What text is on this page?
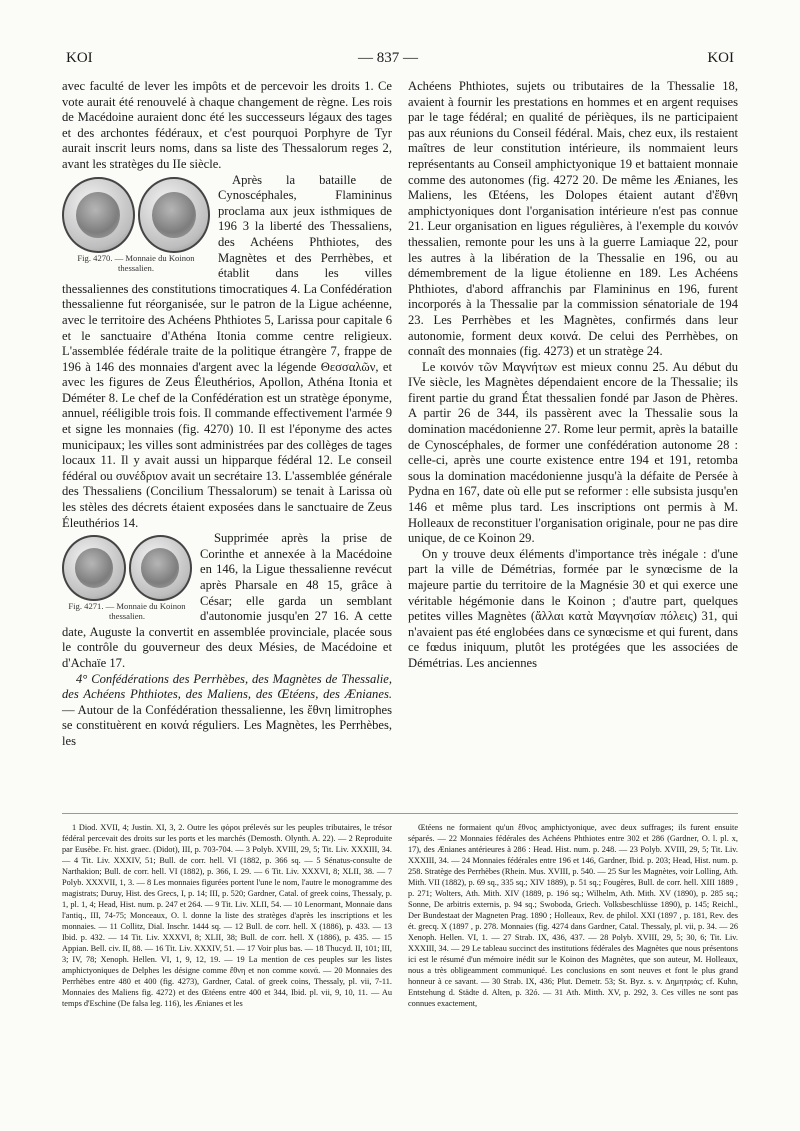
KOI	— 837 —	KOI

avec faculté de lever les impôts et de percevoir les droits 1. Ce vote aurait été renouvelé à chaque changement de règne. Les rois de Macédoine auraient donc été les successeurs légaux des tages et des archontes fédéraux, et c'est pourquoi Porphyre de Tyr aurait inscrit leurs noms, dans sa liste des Thessalorum reges 2, avant les stratèges du IIe siècle.

Fig. 4270. — Monnaie du Koinon thessalien.

Après la bataille de Cynoscéphales, Flamininus proclama aux jeux isthmiques de 196 3 la liberté des Thessaliens, des Achéens Phthiotes, des Magnètes et des Perrhèbes, et établit dans les villes thessaliennes des constitutions timocratiques 4. La Confédération thessalienne fut réorganisée, sur le patron de la Ligue achéenne, avec le territoire des Achéens Phthiotes 5, Larissa pour capitale 6 et le sanctuaire d'Athéna Itonia comme centre religieux. L'assemblée fédérale traite de la politique étrangère 7, frappe de 196 à 146 des monnaies d'argent avec la légende Θεσσαλῶν, et avec les figures de Zeus Éleuthérios, Apollon, Athéna Itonia et Déméter 8. Le chef de la Confédération est un stratège éponyme, annuel, rééligible trois fois. Il commande effectivement l'armée 9 et signe les monnaies (fig. 4270) 10. Il est l'éponyme des actes municipaux; les villes sont administrées par des collèges de tages locaux 11. Il y avait aussi un hipparque fédéral 12. Le conseil fédéral ou συνέδριον avait un secrétaire 13. L'assemblée générale des Thessaliens (Concilium Thessalorum) se tenait à Larissa où les stèles des décrets étaient exposées dans le sanctuaire de Zeus Éleuthérios 14.

Fig. 4271. — Monnaie du Koinon thessalien.

Supprimée après la prise de Corinthe et annexée à la Macédoine en 146, la Ligue thessalienne revécut après Pharsale en 48 15, grâce à César; elle garda un semblant d'autonomie jusqu'en 27 16. A cette date, Auguste la convertit en assemblée provinciale, placée sous le contrôle du gouverneur des deux Mésies, de Macédoine et d'Achaïe 17.

4° Confédérations des Perrhèbes, des Magnètes de Thessalie, des Achéens Phthiotes, des Maliens, des Œtéens, des Ænianes. — Autour de la Confédération thessalienne, les ἔθνη limitrophes se constituèrent en κοινά réguliers. Les Magnètes, les Perrhèbes, les

Achéens Phthiotes, sujets ou tributaires de la Thessalie 18, avaient à fournir les prestations en hommes et en argent requises par le tage fédéral; en qualité de périèques, ils ne participaient pas aux réunions du Conseil fédéral. Mais, chez eux, ils restaient maîtres de leur constitution intérieure, ils nommaient leurs représentants au Conseil amphictyonique 19 et battaient monnaie comme des autonomes (fig. 4272 20. De même les Ænianes, les Maliens, les Œtéens, les Dolopes étaient autant d'ἔθνη amphictyoniques dont l'organisation intérieure n'est pas connue 21. Leur organisation en ligues régulières, à l'exemple du κοινόν thessalien, remonte pour les uns à la guerre Lamiaque 22, pour les autres à la libération de la Thessalie en 196, ou au démembrement de la ligue étolienne en 189. Les Achéens Phthiotes, d'abord affranchis par Flamininus en 196, furent incorporés à la Thessalie par la commission sénatoriale de 194 23. Les Perrhèbes et les Magnètes, confirmés dans leur autonomie, forment deux κοινά. De celui des Perrhèbes, on connaît des monnaies (fig. 4273) et un stratège 24.

Le κοινόν τῶν Μαγνήτων est mieux connu 25. Au début du IVe siècle, les Magnètes dépendaient encore de la Thessalie; ils firent partie du grand État thessalien fondé par Jason de Phères. A partir 26 de 344, ils passèrent avec la Thessalie sous la domination macédonienne 27. Rome leur permit, après la bataille de Cynoscéphales, de former une confédération autonome 28 : celle-ci, après une courte existence entre 194 et 191, retomba sous la domination macédonienne jusqu'à la défaite de Persée à Pydna en 167, date où elle put se reformer : elle subsista jusqu'en 146 et même plus tard. Les inscriptions ont permis à M. Holleaux de reconstituer l'organisation originale, pour ne pas dire unique, de ce Koinon 29.

On y trouve deux éléments d'importance très inégale : d'une part la ville de Démétrias, formée par le synœcisme de la majeure partie du territoire de la Magnésie 30 et qui exerce une véritable hégémonie dans le Koinon ; d'autre part, quelques petites villes Magnètes (ἄλλαι κατὰ Μαγνησίαν πόλεις) 31, qui n'avaient pas été englobées dans ce synœcisme et qui furent, dans ce fœdus iniquum, plutôt les protégées que les associées de Démétrias. Les anciennes

1 Diod. XVII, 4; Justin. XI, 3, 2. Outre les φόροι prélevés sur les peuples tributaires, le trésor fédéral percevait des droits sur les ports et les marchés (Demosth. Olynth. A. 22). — 2 Reproduite par Eusèbe. Fr. hist. graec. (Didot), III, p. 703-704. — 3 Polyb. XVIII, 29, 5; Tit. Liv. XXXIII, 34. — 4 Tit. Liv. XXXIV, 51; Bull. de corr. hell. VI (1882, p. 366 sq. — 5 Sénatus-consulte de Narthakion; Bull. de corr. hell. VI (1882), p. 366, I. 29. — 6 Tit. Liv. XXXVI, 8; XLII, 38. — 7 Polyb. XXXVII, 1, 3. — 8 Les monnaies figurées portent l'une le nom, l'autre le monogramme des magistrats; Duruy, Hist. des Grecs, I, p. 14; III, p. 520; Gardner, Catal. of greek coins, Thessaly, p. 1, pl. 1, 4; Head, Hist. num. p. 247 et 264. — 9 Tit. Liv. XLII, 54. — 10 Lenormant, Monnaie dans l'antiq., III, 74-75; Monceaux, O. l. donne la liste des stratèges d'après les inscriptions et les monnaies. — 11 Collitz, Dial. Inschr. 1444 sq. — 12 Bull. de corr. hell. X (1886), p. 433. — 13 Ibid. p. 432. — 14 Tit. Liv. XXXVI, 8; XLII, 38; Bull. de corr. hell. X (1886), p. 435. — 15 Appian. Bell. civ. II, 88. — 16 Tit. Liv. XXXIV, 51. — 17 Voir plus bas. — 18 Thucyd. II, 101; III, 3; IV, 78; Xenoph. Hellen. VI, 1, 9, 12, 19. — 19 La mention de ces peuples sur les listes amphictyoniques de Delphes les désigne comme ἔθνη et non comme κοινά. — 20 Monnaies des Perrhèbes entre 480 et 400 (fig. 4273), Gardner, Catal. of greek coins, Thessaly, pl. vii, 7-11. Monnaies des Maliens fig. 4272) et des Œtéens entre 400 et 344, Ibid. pl. vii, 9, 10, 11. — Au temps d'Eschine (De falsa leg. 116), les Ænianes et les

Œtéens ne formaient qu'un ἔθνος amphictyonique, avec deux suffrages; ils furent ensuite séparés. — 22 Monnaies fédérales des Achéens Phthiotes entre 302 et 286 (Gardner, O. l. pl. x, 17), des Ænianes antérieures à 286 : Head. Hist. num. p. 248. — 23 Polyb. XVIII, 29, 5; Tit. Liv. XXXIII, 34. — 24 Monnaies fédérales entre 196 et 146, Gardner, Ibid. p. 203; Head, Hist. num. p. 258. Stratège des Perrhèbes (Rhein. Mus. XVIII, p. 540. — 25 Sur les Magnètes, voir Lolling, Ath. Mith. VII (1882), p. 69 sq., 335 sq.; XIV 1889), p. 51 sq.; Fougères, Bull. de corr. hell. XIII 1889 , p. 271; Wolters, Ath. Mith. XIV (1889, p. 19ó sq.; Wilhelm, Ath. Mith. XV (1890), p. 285 sq.; Sonne, De arbitris externis, p. 94 sq.; Swoboda, Griech. Volksbeschlüsse 1890), p. 145; Reichl., Der Bundestaat der Magneten Prag. 1890 ; Holleaux, Rev. de philol. XXI (1897 , p. 181, Rev. des ét. grecq. X (1897 , p. 278. Monnaies (fig. 4274 dans Gardner, Catal. Thessaly, pl. vii, p. 34. — 26 Xenoph. Hellen. VI, 1. — 27 Strab. IX, 436, 437. — 28 Polyb. XVIII, 29, 5; 30, 6; Tit. Liv. XXXIII, 34. — 29 Le tableau succinct des institutions fédérales des Magnètes que nous présentons ici est le résumé d'un mémoire inédit sur le Koinon des Magnètes, que son auteur, M. Holleaux, nous a très obligeamment communiqué. Les conclusions en sont neuves et font le plus grand honneur à ce savant. — 30 Strab. IX, 436; Plut. Demetr. 53; St. Byz. s. v. Δημητριάς; cf. Kuhn, Entstehung d. Städte d. Alten, p. 32ó. — 31 Ath. Mitth. XV, p. 292, 3. Ces villes ne sont pas connues exactement,
